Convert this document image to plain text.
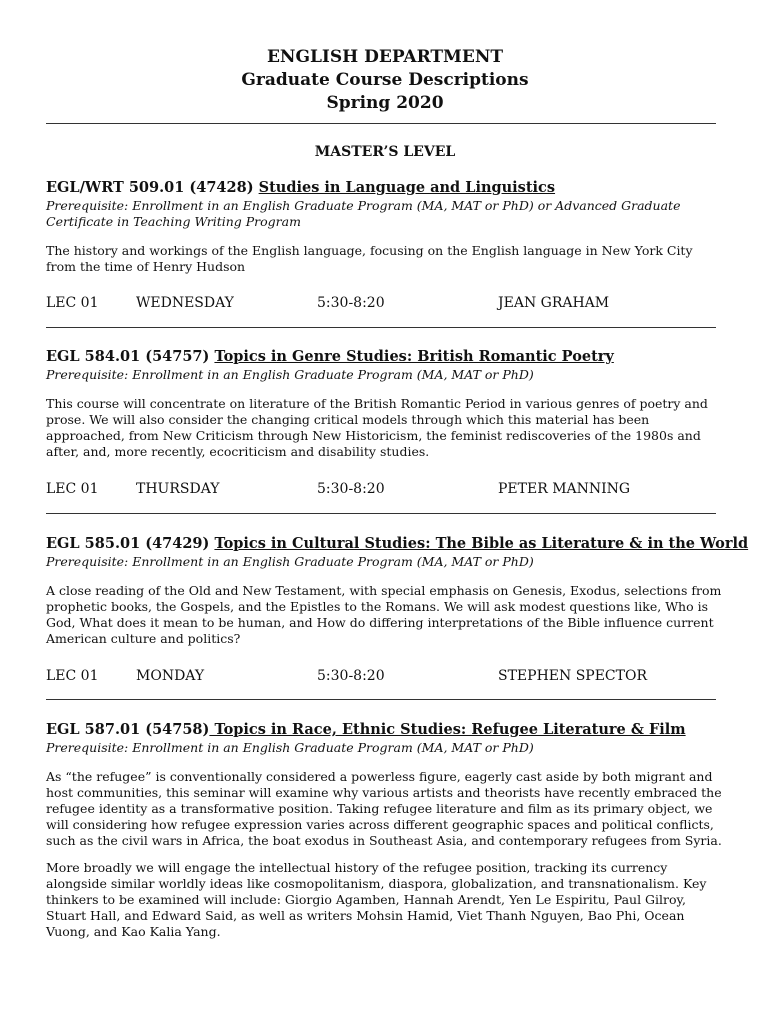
ENGLISH DEPARTMENT
Graduate Course Descriptions
Spring 2020
MASTER’S LEVEL
EGL/WRT 509.01 (47428) Studies in Language and Linguistics
Prerequisite: Enrollment in an English Graduate Program (MA, MAT or PhD) or Advanced Graduate Certificate in Teaching Writing Program

The history and workings of the English language, focusing on the English language in New York City from the time of Henry Hudson

LEC 01	WEDNESDAY	5:30-8:20	JEAN GRAHAM
EGL 584.01 (54757) Topics in Genre Studies: British Romantic Poetry
Prerequisite: Enrollment in an English Graduate Program (MA, MAT or PhD)

This course will concentrate on literature of the British Romantic Period in various genres of poetry and prose. We will also consider the changing critical models through which this material has been approached, from New Criticism through New Historicism, the feminist rediscoveries of the 1980s and after, and, more recently, ecocriticism and disability studies.

LEC 01	THURSDAY	5:30-8:20	PETER MANNING
EGL 585.01 (47429) Topics in Cultural Studies: The Bible as Literature & in the World
Prerequisite: Enrollment in an English Graduate Program (MA, MAT or PhD)

A close reading of the Old and New Testament, with special emphasis on Genesis, Exodus, selections from prophetic books, the Gospels, and the Epistles to the Romans. We will ask modest questions like, Who is God, What does it mean to be human, and How do differing interpretations of the Bible influence current American culture and politics?

LEC 01	MONDAY	5:30-8:20	STEPHEN SPECTOR
EGL 587.01 (54758) Topics in Race, Ethnic Studies: Refugee Literature & Film
Prerequisite: Enrollment in an English Graduate Program (MA, MAT or PhD)

As “the refugee” is conventionally considered a powerless figure, eagerly cast aside by both migrant and host communities, this seminar will examine why various artists and theorists have recently embraced the refugee identity as a transformative position. Taking refugee literature and film as its primary object, we will considering how refugee expression varies across different geographic spaces and political conflicts, such as the civil wars in Africa, the boat exodus in Southeast Asia, and contemporary refugees from Syria.

More broadly we will engage the intellectual history of the refugee position, tracking its currency alongside similar worldly ideas like cosmopolitanism, diaspora, globalization, and transnationalism. Key thinkers to be examined will include: Giorgio Agamben, Hannah Arendt, Yen Le Espiritu, Paul Gilroy, Stuart Hall, and Edward Said, as well as writers Mohsin Hamid, Viet Thanh Nguyen, Bao Phi, Ocean Vuong, and Kao Kalia Yang.
